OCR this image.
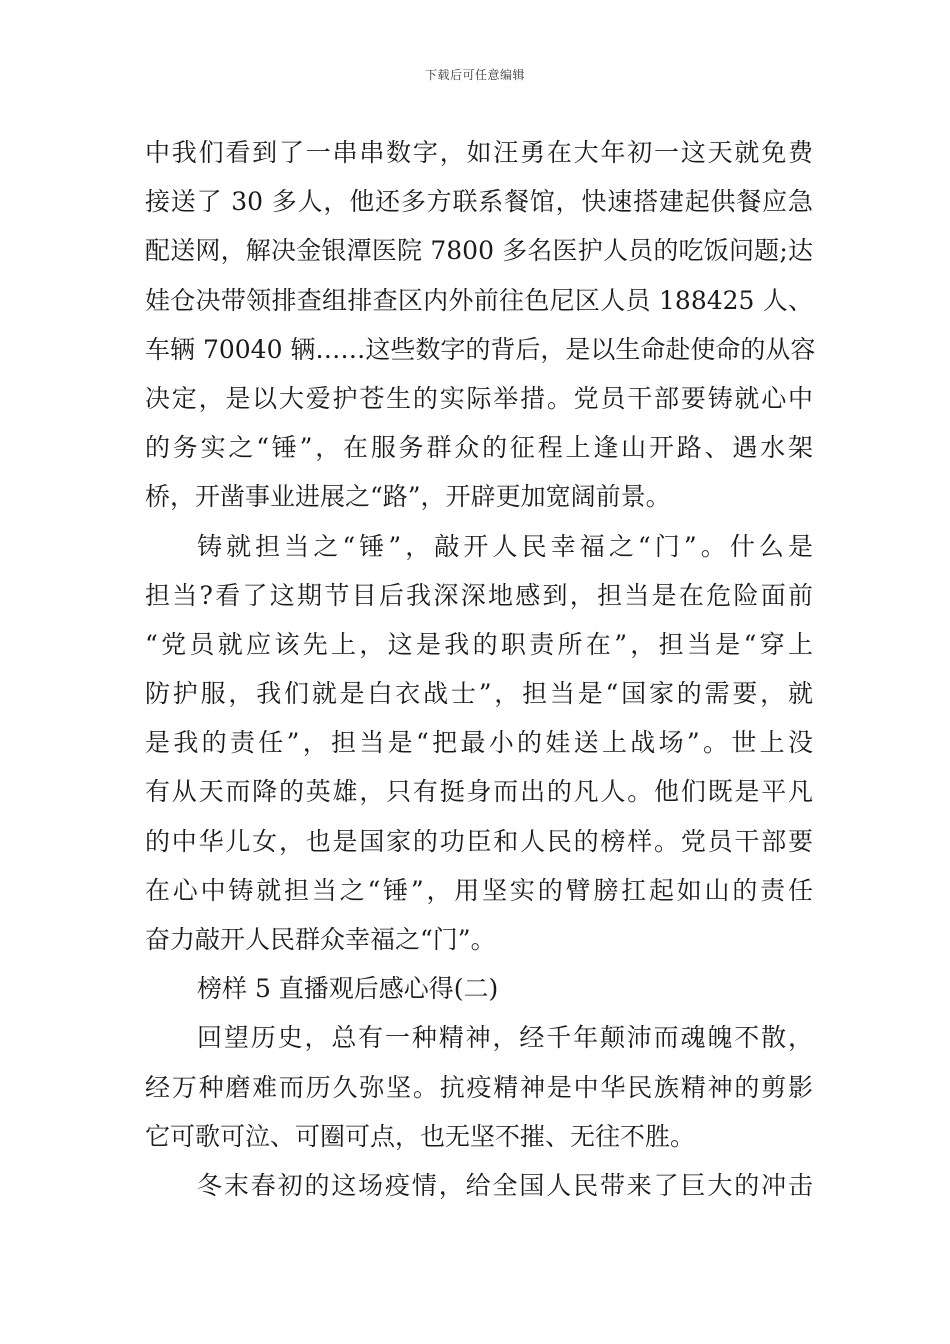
下载后可任意编辑
中我们看到了一串串数字，如汪勇在大年初一这天就免费
接送了 30 多人，他还多方联系餐馆，快速搭建起供餐应急
配送网，解决金银潭医院 7800 多名医护人员的吃饭问题;达
娃仓决带领排查组排查区内外前往色尼区人员 188425 人、
车辆 70040 辆……这些数字的背后，是以生命赴使命的从容
决定，是以大爱护苍生的实际举措。党员干部要铸就心中
的务实之“锤”，在服务群众的征程上逢山开路、遇水架
桥，开凿事业进展之“路”，开辟更加宽阔前景。
铸就担当之“锤”，敲开人民幸福之“门”。什么是
担当?看了这期节目后我深深地感到，担当是在危险面前
“党员就应该先上，这是我的职责所在”，担当是“穿上
防护服，我们就是白衣战士”，担当是“国家的需要，就
是我的责任”，担当是“把最小的娃送上战场”。世上没
有从天而降的英雄，只有挺身而出的凡人。他们既是平凡
的中华儿女，也是国家的功臣和人民的榜样。党员干部要
在心中铸就担当之“锤”，用坚实的臂膀扛起如山的责任
奋力敲开人民群众幸福之“门”。
榜样 5 直播观后感心得(二)
回望历史，总有一种精神，经千年颠沛而魂魄不散，
经万种磨难而历久弥坚。抗疫精神是中华民族精神的剪影
它可歌可泣、可圈可点，也无坚不摧、无往不胜。
冬末春初的这场疫情，给全国人民带来了巨大的冲击
